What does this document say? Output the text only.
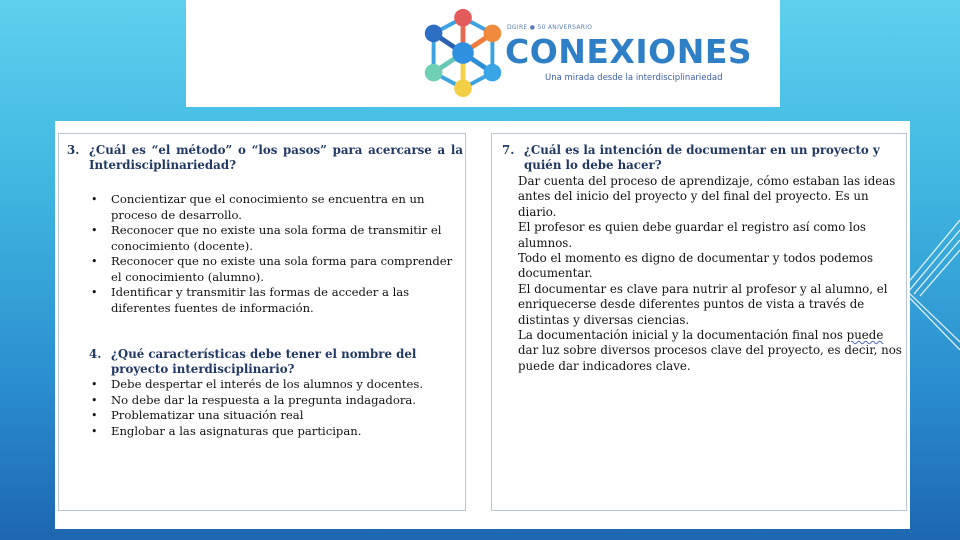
DGIRE ● 50 ANIVERSARIO
CONEXIONES
Una mirada desde la interdisciplinariedad
5
DGIRE
SI
UNAM
3. ¿Cuál es “el método” o “los pasos” para acercarse a la Interdisciplinariedad?
• Concientizar que el conocimiento se encuentra en un proceso de desarrollo.
• Reconocer que no existe una sola forma de transmitir el conocimiento (docente).
• Reconocer que no existe una sola forma para comprender el conocimiento (alumno).
• Identificar y transmitir las formas de acceder a las diferentes fuentes de información.
4. ¿Qué características debe tener el nombre del proyecto interdisciplinario?
• Debe despertar el interés de los alumnos y docentes.
• No debe dar la respuesta a la pregunta indagadora.
• Problematizar una situación real
• Englobar a las asignaturas que participan.
7. ¿Cuál es la intención de documentar en un proyecto y quién lo debe hacer?

Dar cuenta del proceso de aprendizaje, cómo estaban las ideas antes del inicio del proyecto y del final del proyecto. Es un diario.

El profesor es quien debe guardar el registro así como los alumnos.

Todo el momento es digno de documentar y todos podemos documentar.

El documentar es clave para nutrir al profesor y al alumno, el enriquecerse desde diferentes puntos de vista a través de distintas y diversas ciencias.

La documentación inicial y la documentación final nos puede dar luz sobre diversos procesos clave del proyecto, es decir, nos puede dar indicadores clave.
